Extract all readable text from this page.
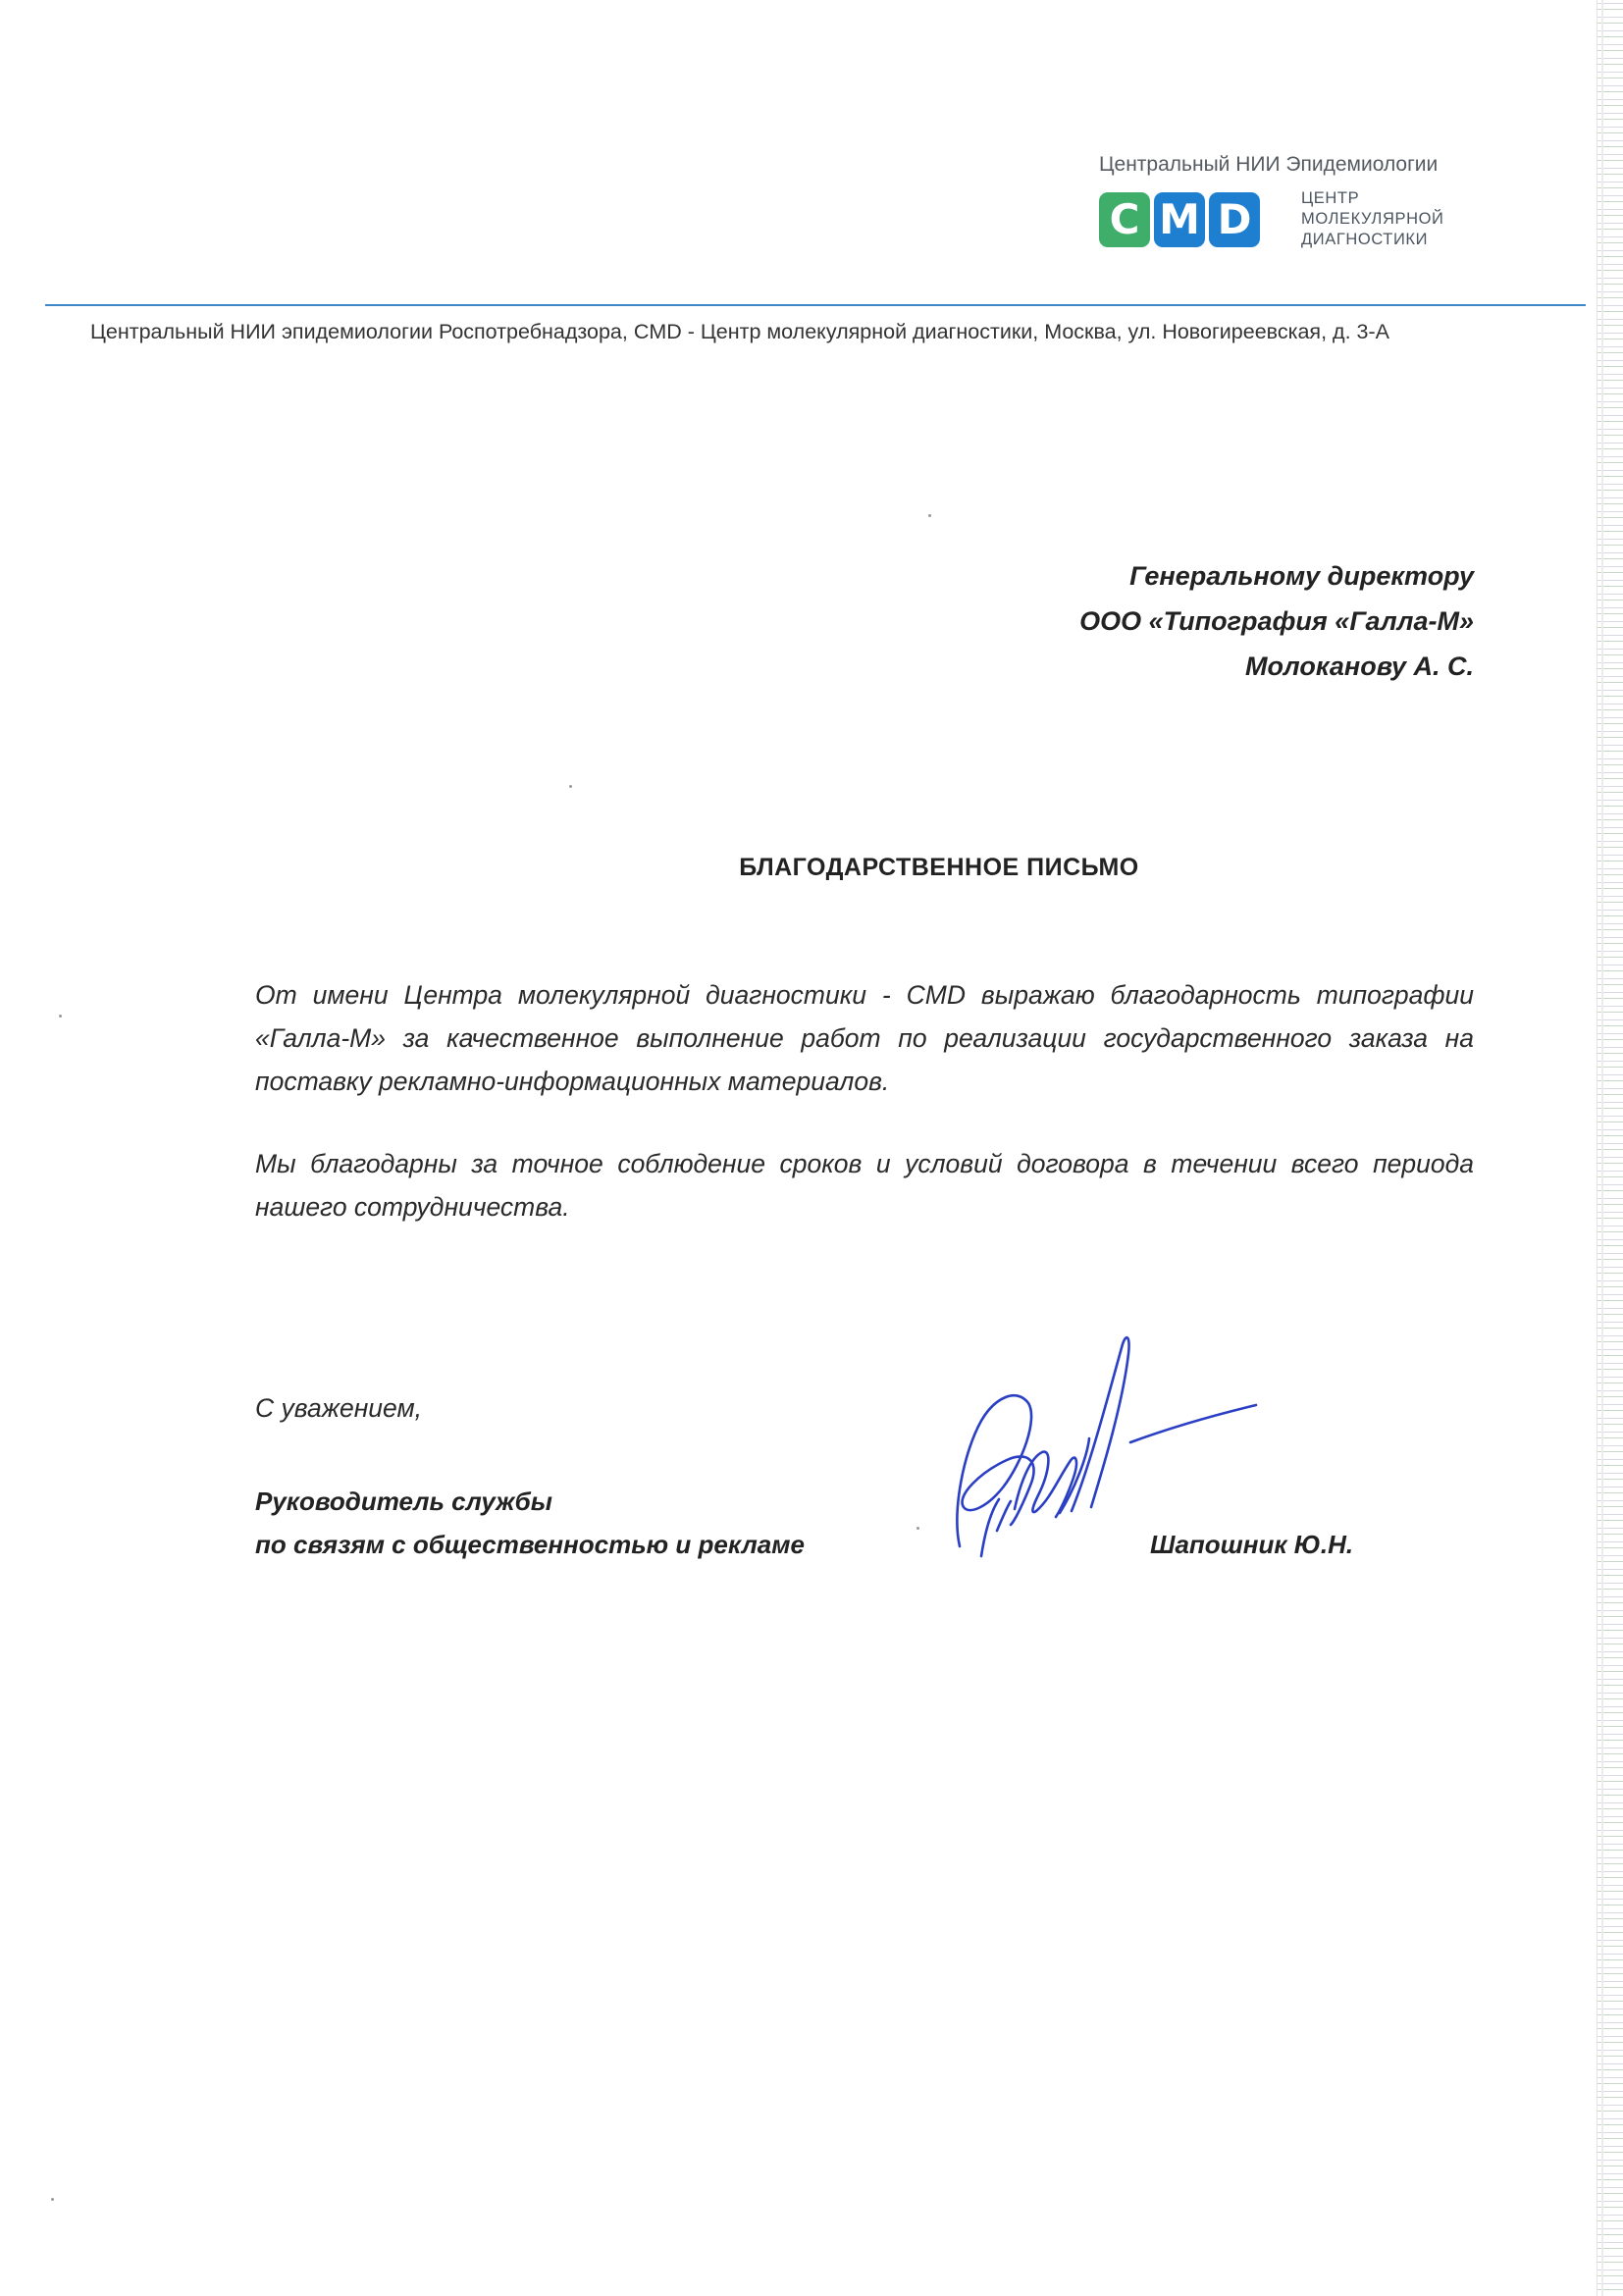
Центральный НИИ Эпидемиологии
C M D	ЦЕНТР
МОЛЕКУЛЯРНОЙ
ДИАГНОСТИКИ
Центральный НИИ эпидемиологии Роспотребнадзора, CMD - Центр молекулярной диагностики, Москва, ул. Новогиреевская, д. 3-А
Генеральному директору
ООО «Типография «Галла-М»
Молоканову А. С.
БЛАГОДАРСТВЕННОЕ ПИСЬМО
От имени Центра молекулярной диагностики - CMD выражаю благодарность типографии «Галла-М» за качественное выполнение работ по реализации государственного заказа на поставку рекламно-информационных материалов.
Мы благодарны за точное соблюдение сроков и условий договора в течении всего периода нашего сотрудничества.
С уважением,
Руководитель службы
по связям с общественностью и рекламе	Шапошник Ю.Н.
